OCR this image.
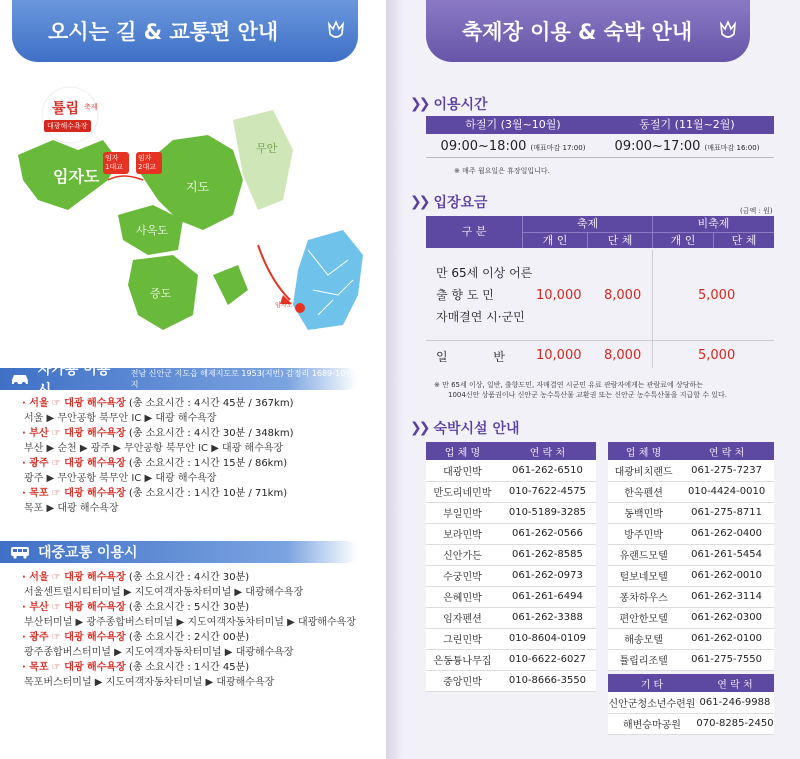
오시는 길 & 교통편 안내	축제장 이용 & 숙박 안내
임자도
지도
무안
사옥도
증도
임자
1대교
임자
2대교
튤립 축제
대광해수욕장
임자도
자가용 이용시
전남 신안군 지도읍 해제지도로 1953(지번) 감정리 1689-10번지
· 서울 ☞ 대광 해수욕장 (총 소요시간 : 4시간 45분 / 367km)
서울 ▶ 무안공항 북무안 IC ▶ 대광 해수욕장
· 부산 ☞ 대광 해수욕장 (총 소요시간 : 4시간 30분 / 348km)
부산 ▶ 순천 ▶ 광주 ▶ 무안공항 북무안 IC ▶ 대광 해수욕장
· 광주 ☞ 대광 해수욕장 (총 소요시간 : 1시간 15분 / 86km)
광주 ▶ 무안공항 북무안 IC ▶ 대광 해수욕장
· 목포 ☞ 대광 해수욕장 (총 소요시간 : 1시간 10분 / 71km)
목포 ▶ 대광 해수욕장
대중교통 이용시
· 서울 ☞ 대광 해수욕장 (총 소요시간 : 4시간 30분)
서울센트럴시티터미널 ▶ 지도여객자동차터미널 ▶ 대광해수욕장
· 부산 ☞ 대광 해수욕장 (총 소요시간 : 5시간 30분)
부산터미널 ▶ 광주종합버스터미널 ▶ 지도여객자동차터미널 ▶ 대광해수욕장
· 광주 ☞ 대광 해수욕장 (총 소요시간 : 2시간 00분)
광주종합버스터미널 ▶ 지도여객자동차터미널 ▶ 대광해수욕장
· 목포 ☞ 대광 해수욕장 (총 소요시간 : 1시간 45분)
목포버스터미널 ▶ 지도여객자동차터미널 ▶ 대광해수욕장
❯❯ 이용시간
하절기 (3월~10월)	동절기 (11월~2월)
09:00~18:00 (매표마감 17:00)	09:00~17:00 (매표마감 16:00)
※ 매주 월요일은 휴장일입니다.
❯❯ 입장요금	(금액 : 원)
구 분
축제	비축제
개 인	단 체	개 인	단 체
만 65세 이상 어른
출 향 도 민
자매결연 시·군민
10,000 8,000	5,000
일            반 10,000 8,000	5,000
※ 만 65세 이상, 일반, 출향도민, 자매결연 시군민 유료 관람자에게는 관람료에 상당하는
1004신안 상품권이나 신안군 농수특산물 교환권 또는 신안군 농수특산물을 지급할 수 있다.
❯❯ 숙박시설 안내
업 체 명	연 락 처
대광민박	061-262-6510
만도리네민박	010-7622-4575
부일민박	010-5189-3285
보라민박	061-262-0566
신안가든	061-262-8585
수궁민박	061-262-0973
은혜민박	061-261-6494
임자펜션	061-262-3388
그린민박	010-8604-0109
은동튱나무집	010-6622-6027
중앙민박	010-8666-3550
업 체 명	연 락 처
대광비치랜드	061-275-7237
한옥펜션	010-4424-0010
동백민박	061-275-8711
방주민박	061-262-0400
유랜드모텔	061-261-5454
털보네모텔	061-262-0010
퐁차하우스	061-262-3114
편안한모텔	061-262-0300
해송모텔	061-262-0100
튤립리조텔	061-275-7550
기 타	연 락 처
신안군청소년수련원	061-246-9988
해변승마공원	070-8285-2450
